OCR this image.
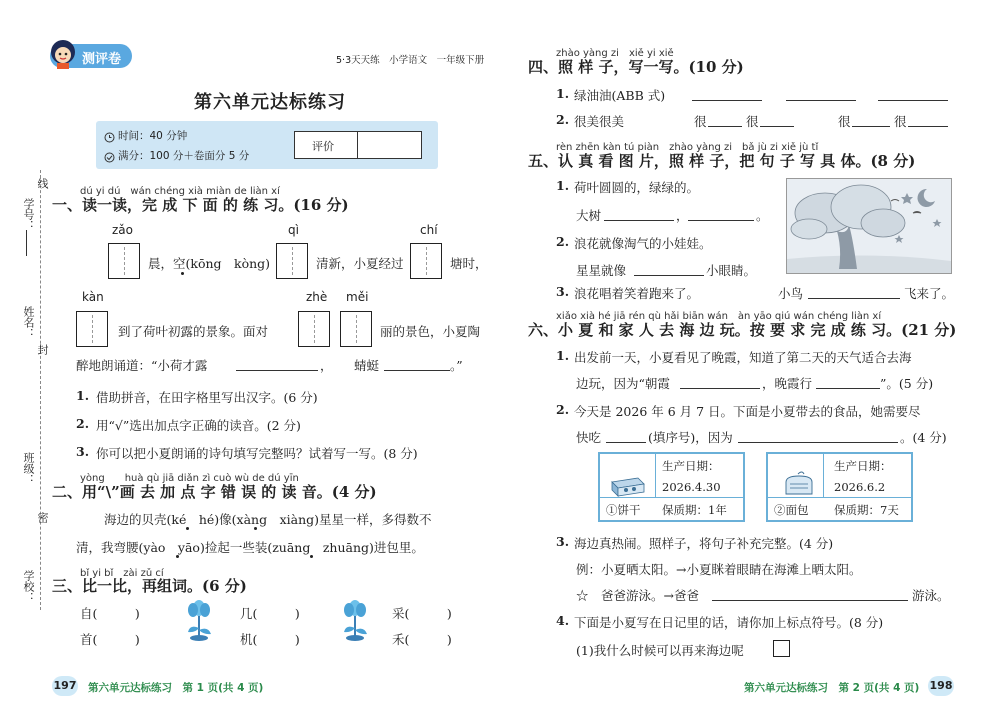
测评卷	5·3天天练　小学语文　一年级下册
第六单元达标练习
时间：40 分钟
满分：100 分＋卷面分 5 分
评价
线
学号：
姓名：
封
班级：
密
学校：
dú yi dú　wán chéng xià miàn de liàn xí
一、读一读，完 成 下 面 的 练 习。(16 分)
zǎo	qì	chí
晨，空(kōng　kòng)	清新，小夏经过	塘时，
kàn	zhè měi
到了荷叶初露的景象。面对	丽的景色，小夏陶
醉地朗诵道：“小荷才露	， 蜻蜓	。”
1. 借助拼音，在田字格里写出汉字。(6 分)
2. 用“√”选出加点字正确的读音。(2 分)
3. 你可以把小夏朗诵的诗句填写完整吗？试着写一写。(8 分)
yòng　　huà qù jiā diǎn zì cuò wù de dú yīn
二、用“\”画 去 加 点 字 错 误 的 读 音。(4 分)
海边的贝壳(ké　hé)像(xàng　xiàng)星星一样，多得数不
清，我弯腰(yào　yāo)捡起一些装(zuāng　zhuāng)进包里。
bǐ yi bǐ　zài zǔ cí
三、比一比，再组词。(6 分)
自(　　　)
首(　　　)
几(　　　)
机(　　　)
采(　　　)
禾(　　　)
197 第六单元达标练习　第 1 页(共 4 页)
zhào yàng zi　xiě yi xiě
四、照 样 子，写一写。(10 分)
1. 绿油油(ABB 式)
2. 很美很美	很	很	很	很
rèn zhēn kàn tú piàn　zhào yàng zi　bǎ jù zi xiě jù tǐ
五、认 真 看 图 片，照 样 子，把 句 子 写 具 体。(8 分)
1. 荷叶圆圆的，绿绿的。
大树	，	。
2. 浪花就像淘气的小娃娃。
星星就像	小眼睛。
3. 浪花唱着笑着跑来了。	小鸟	飞来了。
xiǎo xià hé jiā rén qù hǎi biān wán　àn yāo qiú wán chéng liàn xí
六、小 夏 和 家 人 去 海 边 玩。按 要 求 完 成 练 习。(21 分)
1. 出发前一天，小夏看见了晚霞，知道了第二天的天气适合去海
边玩，因为“朝霞	，晚霞行	”。(5 分)
2. 今天是 2026 年 6 月 7 日。下面是小夏带去的食品，她需要尽
快吃	(填序号)，因为	。(4 分)
生产日期：
2026.4.30
①饼干 保质期：1年
生产日期：
2026.6.2
②面包 保质期：7天
3. 海边真热闹。照样子，将句子补充完整。(4 分)
例：小夏晒太阳。→小夏眯着眼睛在海滩上晒太阳。
☆　爸爸游泳。→爸爸	游泳。
4. 下面是小夏写在日记里的话，请你加上标点符号。(8 分)
(1)我什么时候可以再来海边呢
第六单元达标练习　第 2 页(共 4 页) 198
